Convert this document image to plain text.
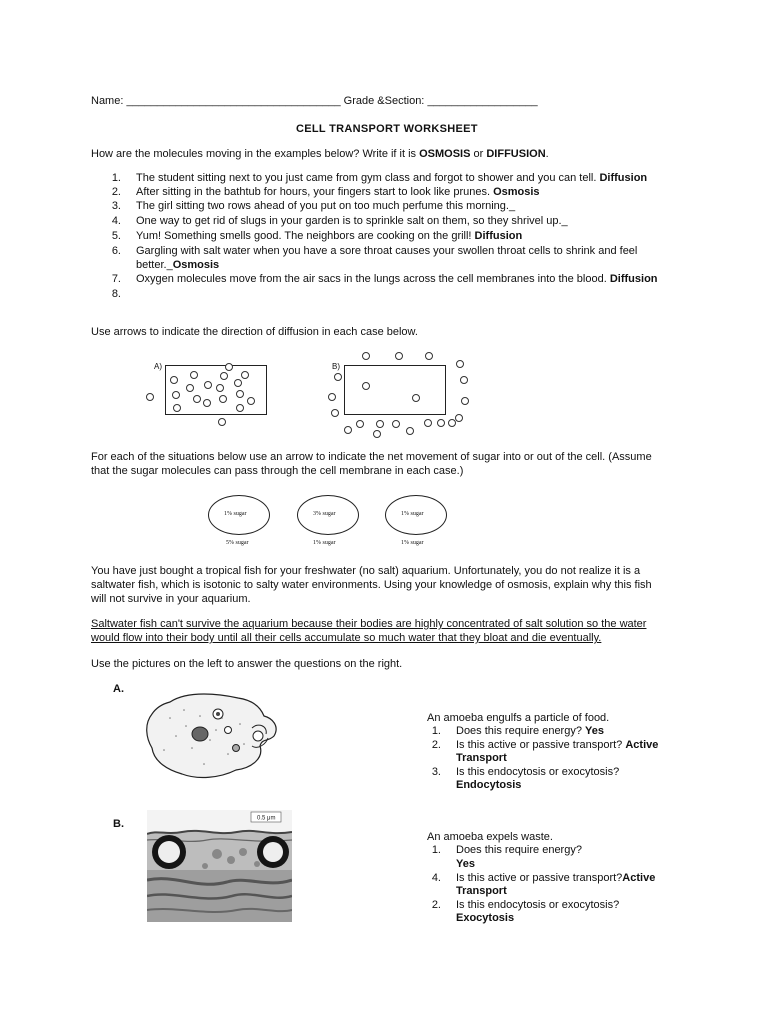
Name: ___________________________________ Grade &Section: __________________
CELL TRANSPORT WORKSHEET
How are the molecules moving in the examples below? Write if it is OSMOSIS or DIFFUSION.
1. The student sitting next to you just came from gym class and forgot to shower and you can tell. Diffusion
2. After sitting in the bathtub for hours, your fingers start to look like prunes. Osmosis
3. The girl sitting two rows ahead of you put on too much perfume this morning._
4. One way to get rid of slugs in your garden is to sprinkle salt on them, so they shrivel up._
5. Yum! Something smells good. The neighbors are cooking on the grill! Diffusion
6. Gargling with salt water when you have a sore throat causes your swollen throat cells to shrink and feel
better._Osmosis
7. Oxygen molecules move from the air sacs in the lungs across the cell membranes into the blood. Diffusion
8.
Use arrows to indicate the direction of diffusion in each case below.
A)	B)
For each of the situations below use an arrow to indicate the net movement of sugar into or out of the cell. (Assume
that the sugar molecules can pass through the cell membrane in each case.)
1% sugar
5% sugar
3% sugar
1% sugar
1% sugar
1% sugar
You have just bought a tropical fish for your freshwater (no salt) aquarium. Unfortunately, you do not realize it is a
saltwater fish, which is isotonic to salty water environments. Using your knowledge of osmosis, explain why this fish
will not survive in your aquarium.
Saltwater fish can't survive the aquarium because their bodies are highly concentrated of salt solution so the water
would flow into their body until all their cells accumulate so much water that they bloat and die eventually.
Use the pictures on the left to answer the questions on the right.
A.
An amoeba engulfs a particle of food.
1. Does this require energy? Yes
2. Is this active or passive transport? Active
Transport
3. Is this endocytosis or exocytosis?
Endocytosis
B.	0.5 μm
An amoeba expels waste.
1. Does this require energy?
Yes
4. Is this active or passive transport?Active
Transport
2. Is this endocytosis or exocytosis?
Exocytosis
